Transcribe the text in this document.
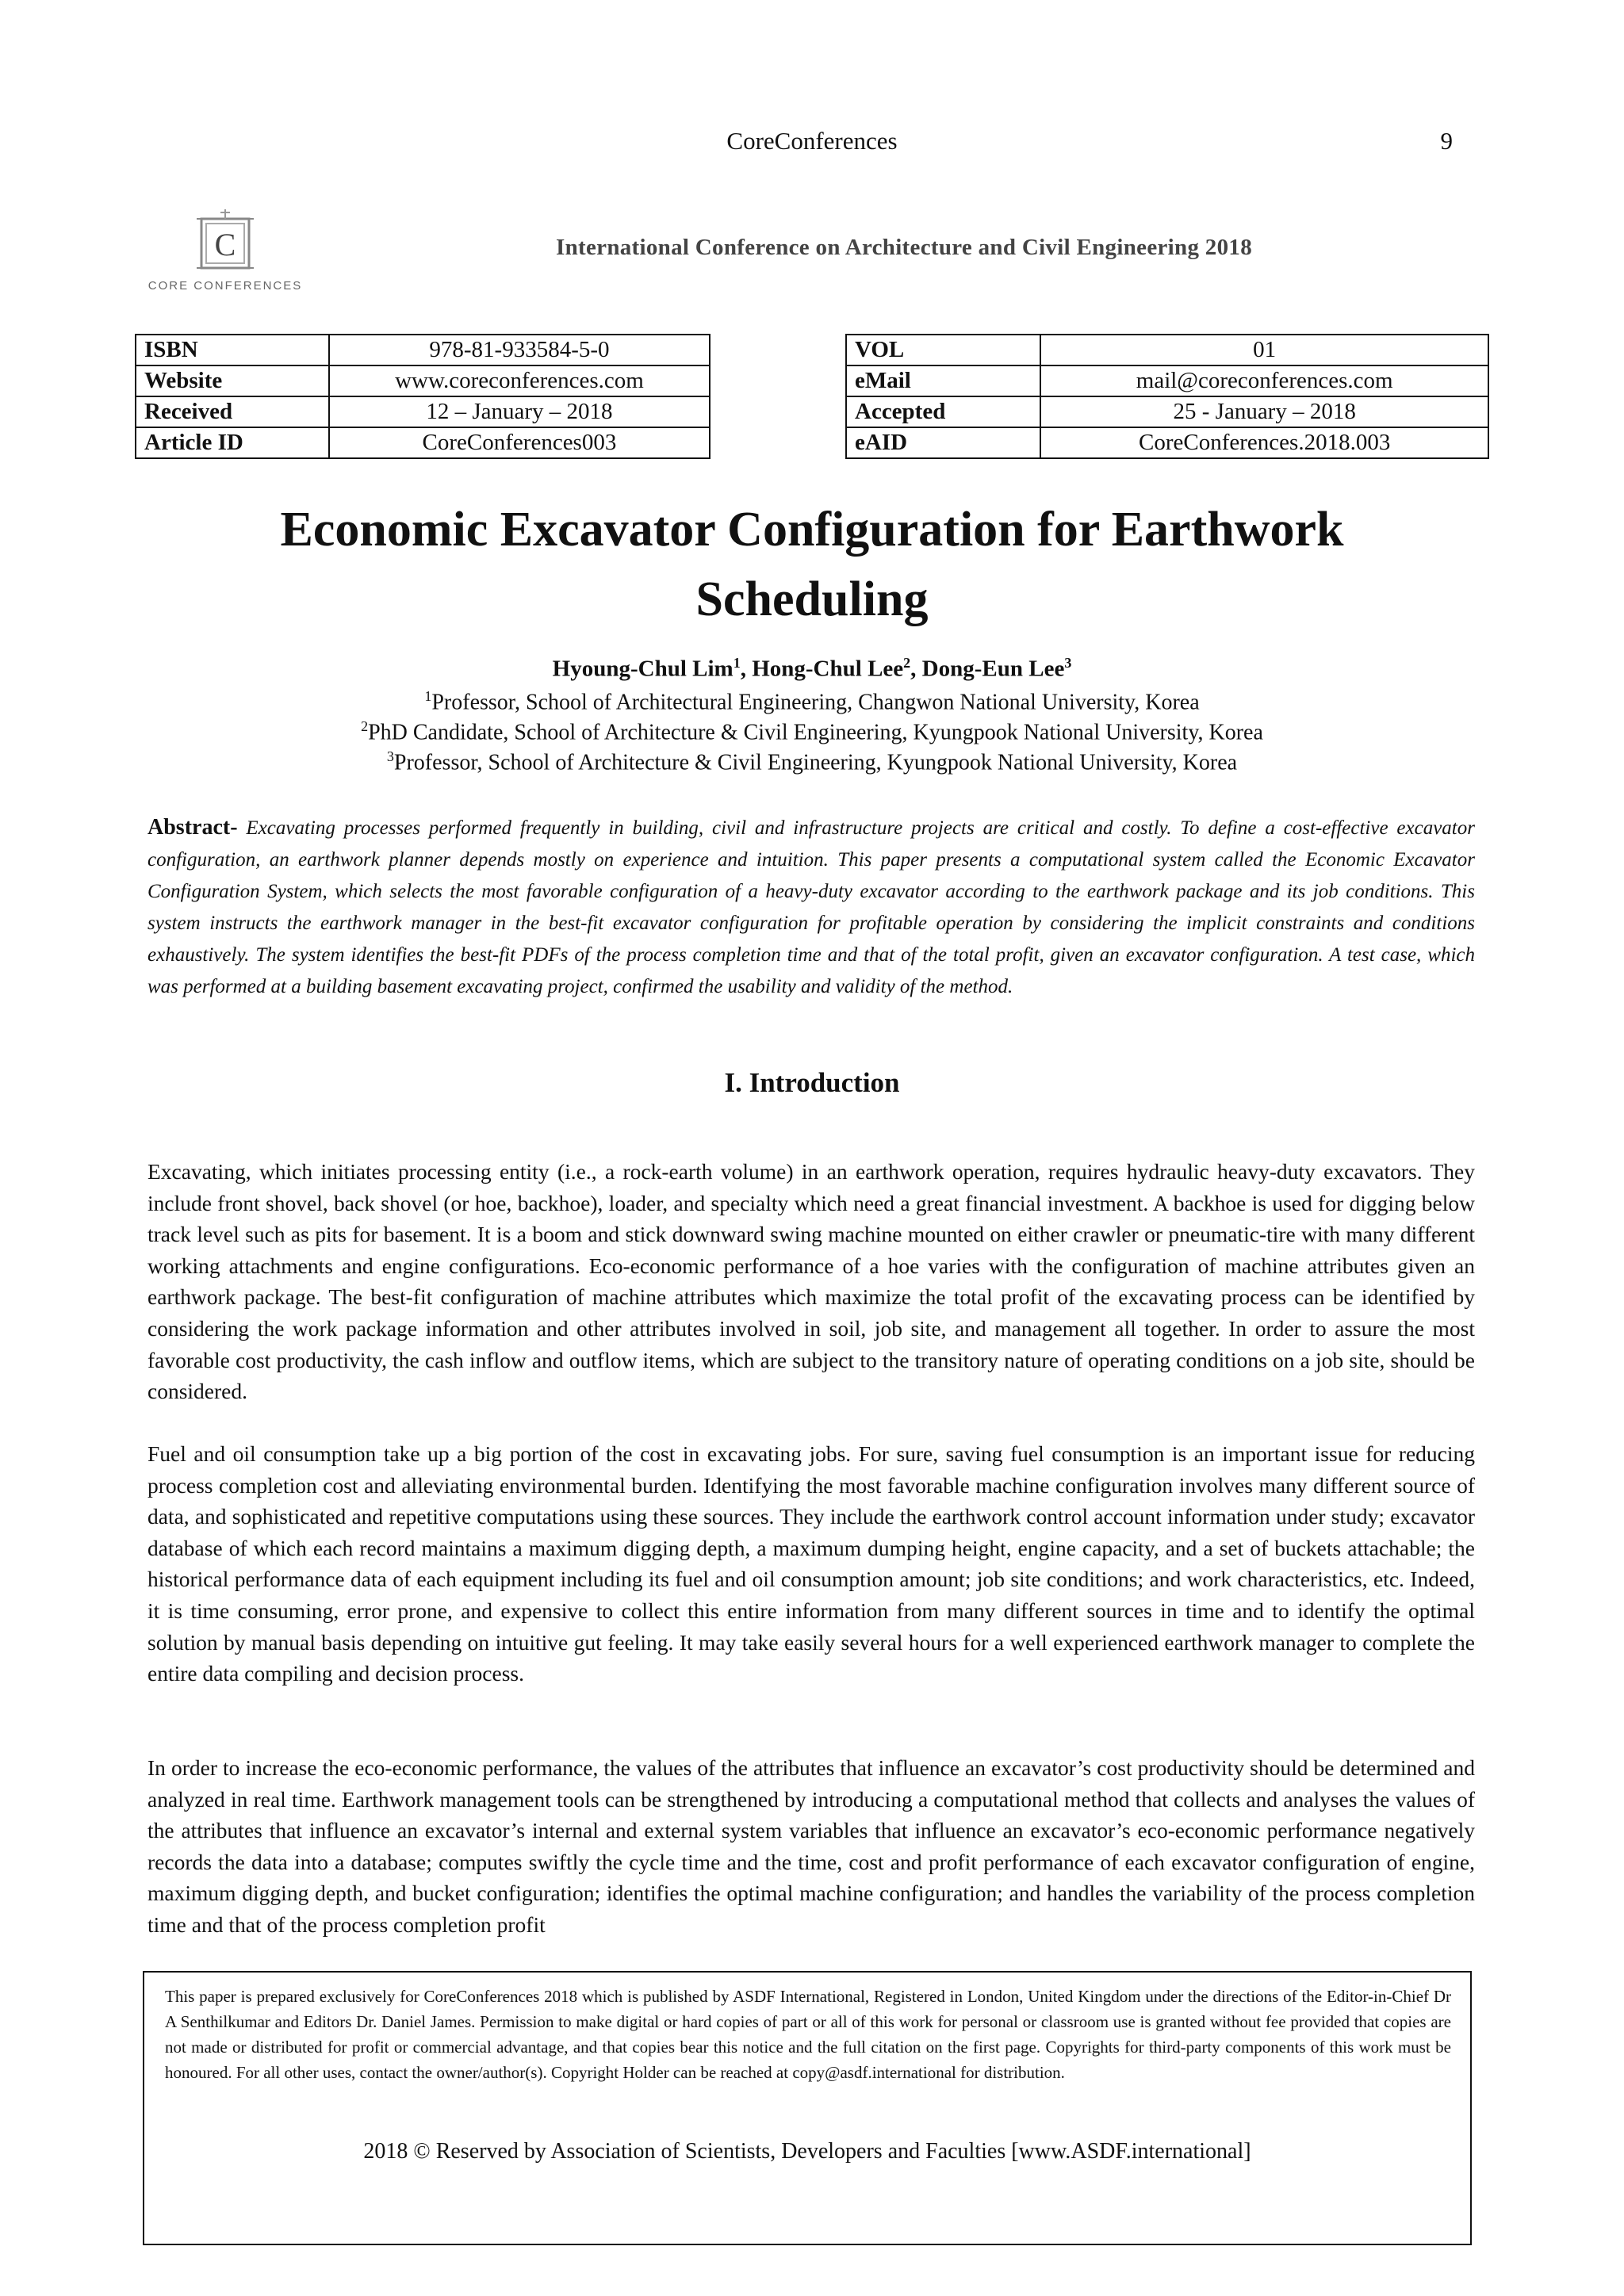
CoreConferences	9
C
CORE CONFERENCES
International Conference on Architecture and Civil Engineering 2018
ISBN	978-81-933584-5-0
Website	www.coreconferences.com
Received	12 – January – 2018
Article ID	CoreConferences003
VOL	01
eMail	mail@coreconferences.com
Accepted	25 - January – 2018
eAID	CoreConferences.2018.003
Economic Excavator Configuration for Earthwork Scheduling
Hyoung-Chul Lim$^1$, Hong-Chul Lee$^2$, Dong-Eun Lee$^3$
$^1$Professor, School of Architectural Engineering, Changwon National University, Korea
$^2$PhD Candidate, School of Architecture & Civil Engineering, Kyungpook National University, Korea
$^3$Professor, School of Architecture & Civil Engineering, Kyungpook National University, Korea
Abstract- Excavating processes performed frequently in building, civil and infrastructure projects are critical and costly. To define a cost-effective excavator configuration, an earthwork planner depends mostly on experience and intuition. This paper presents a computational system called the Economic Excavator Configuration System, which selects the most favorable configuration of a heavy-duty excavator according to the earthwork package and its job conditions. This system instructs the earthwork manager in the best-fit excavator configuration for profitable operation by considering the implicit constraints and conditions exhaustively. The system identifies the best-fit PDFs of the process completion time and that of the total profit, given an excavator configuration. A test case, which was performed at a building basement excavating project, confirmed the usability and validity of the method.
I. Introduction

Excavating, which initiates processing entity (i.e., a rock-earth volume) in an earthwork operation, requires hydraulic heavy-duty excavators. They include front shovel, back shovel (or hoe, backhoe), loader, and specialty which need a great financial investment. A backhoe is used for digging below track level such as pits for basement. It is a boom and stick downward swing machine mounted on either crawler or pneumatic-tire with many different working attachments and engine configurations. Eco-economic performance of a hoe varies with the configuration of machine attributes given an earthwork package. The best-fit configuration of machine attributes which maximize the total profit of the excavating process can be identified by considering the work package information and other attributes involved in soil, job site, and management all together. In order to assure the most favorable cost productivity, the cash inflow and outflow items, which are subject to the transitory nature of operating conditions on a job site, should be considered.

Fuel and oil consumption take up a big portion of the cost in excavating jobs. For sure, saving fuel consumption is an important issue for reducing process completion cost and alleviating environmental burden. Identifying the most favorable machine configuration involves many different source of data, and sophisticated and repetitive computations using these sources. They include the earthwork control account information under study; excavator database of which each record maintains a maximum digging depth, a maximum dumping height, engine capacity, and a set of buckets attachable; the historical performance data of each equipment including its fuel and oil consumption amount; job site conditions; and work characteristics, etc. Indeed, it is time consuming, error prone, and expensive to collect this entire information from many different sources in time and to identify the optimal solution by manual basis depending on intuitive gut feeling. It may take easily several hours for a well experienced earthwork manager to complete the entire data compiling and decision process.

In order to increase the eco-economic performance, the values of the attributes that influence an excavator’s cost productivity should be determined and analyzed in real time. Earthwork management tools can be strengthened by introducing a computational method that collects and analyses the values of the attributes that influence an excavator’s internal and external system variables that influence an excavator’s eco-economic performance negatively records the data into a database; computes swiftly the cycle time and the time, cost and profit performance of each excavator configuration of engine, maximum digging depth, and bucket configuration; identifies the optimal machine configuration; and handles the variability of the process completion time and that of the process completion profit

This paper is prepared exclusively for CoreConferences 2018 which is published by ASDF International, Registered in London, United Kingdom under the directions of the Editor-in-Chief Dr A Senthilkumar and Editors Dr. Daniel James. Permission to make digital or hard copies of part or all of this work for personal or classroom use is granted without fee provided that copies are not made or distributed for profit or commercial advantage, and that copies bear this notice and the full citation on the first page. Copyrights for third-party components of this work must be honoured. For all other uses, contact the owner/author(s). Copyright Holder can be reached at copy@asdf.international for distribution.
2018 © Reserved by Association of Scientists, Developers and Faculties [www.ASDF.international]
